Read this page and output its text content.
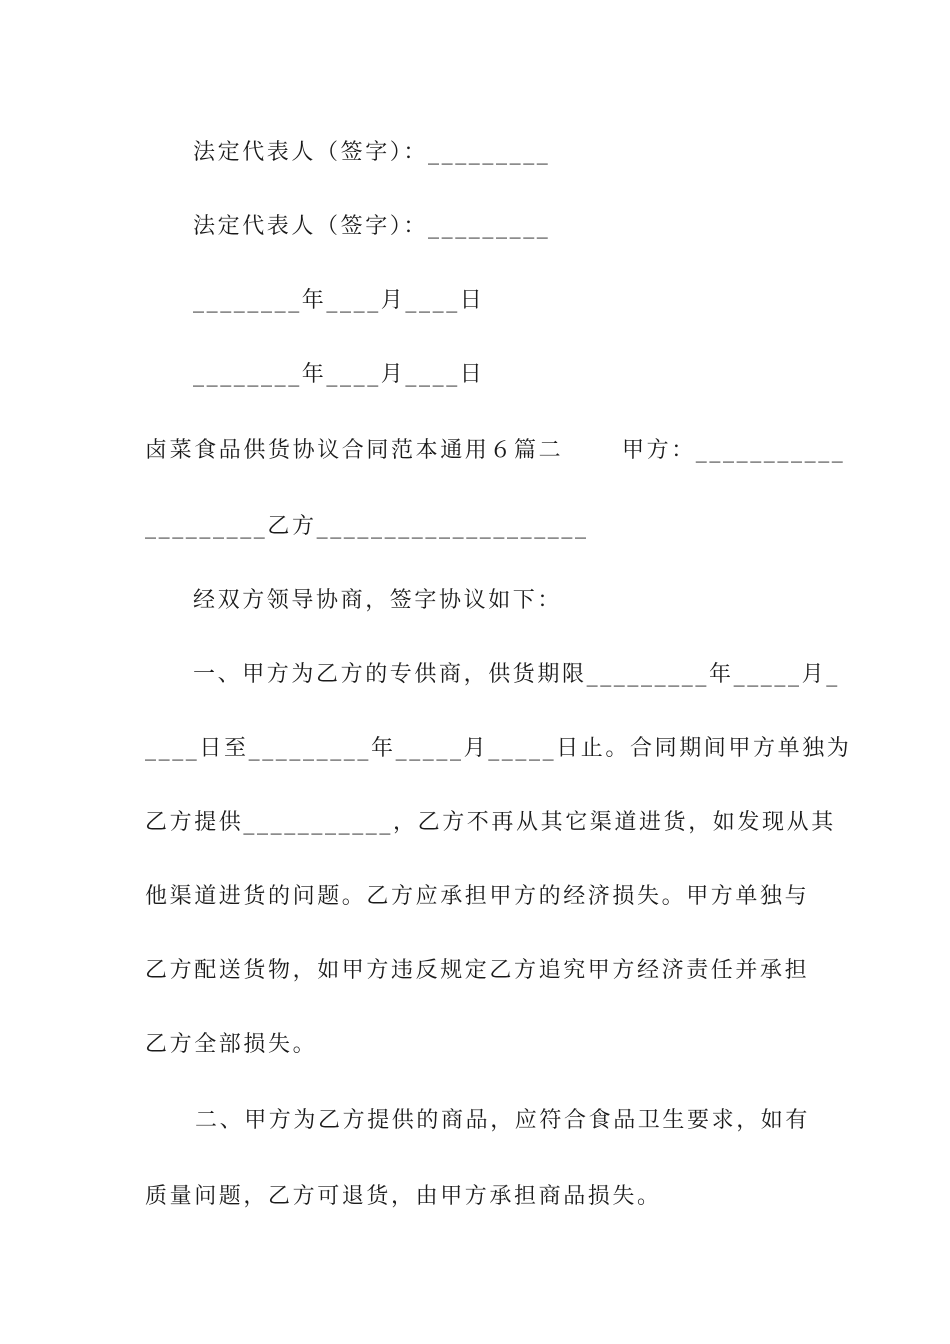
法定代表人（签字）：_________
法定代表人（签字）：_________
________年____月____日
________年____月____日
卤菜食品供货协议合同范本通用６篇二　　 甲方：___________
_________乙方____________________
经双方领导协商，签字协议如下：
一、甲方为乙方的专供商，供货期限_________年_____月_
____日至_________年_____月_____日止。合同期间甲方单独为
乙方提供___________，乙方不再从其它渠道进货，如发现从其
他渠道进货的问题。乙方应承担甲方的经济损失。甲方单独与
乙方配送货物，如甲方违反规定乙方追究甲方经济责任并承担
乙方全部损失。
二、甲方为乙方提供的商品，应符合食品卫生要求，如有
质量问题，乙方可退货，由甲方承担商品损失。
